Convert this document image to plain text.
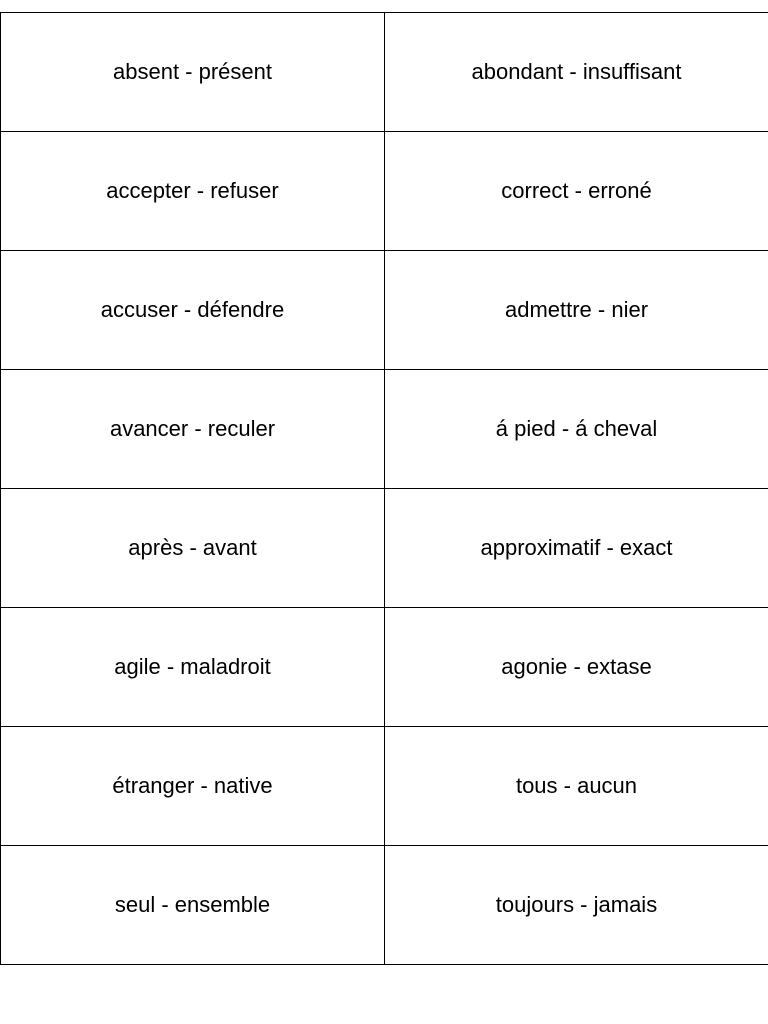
absent - présent	abondant - insuffisant
accepter - refuser	correct - erroné
accuser - défendre	admettre - nier
avancer - reculer	á pied - á cheval
après - avant	approximatif - exact
agile - maladroit	agonie - extase
étranger - native	tous - aucun
seul - ensemble	toujours - jamais
